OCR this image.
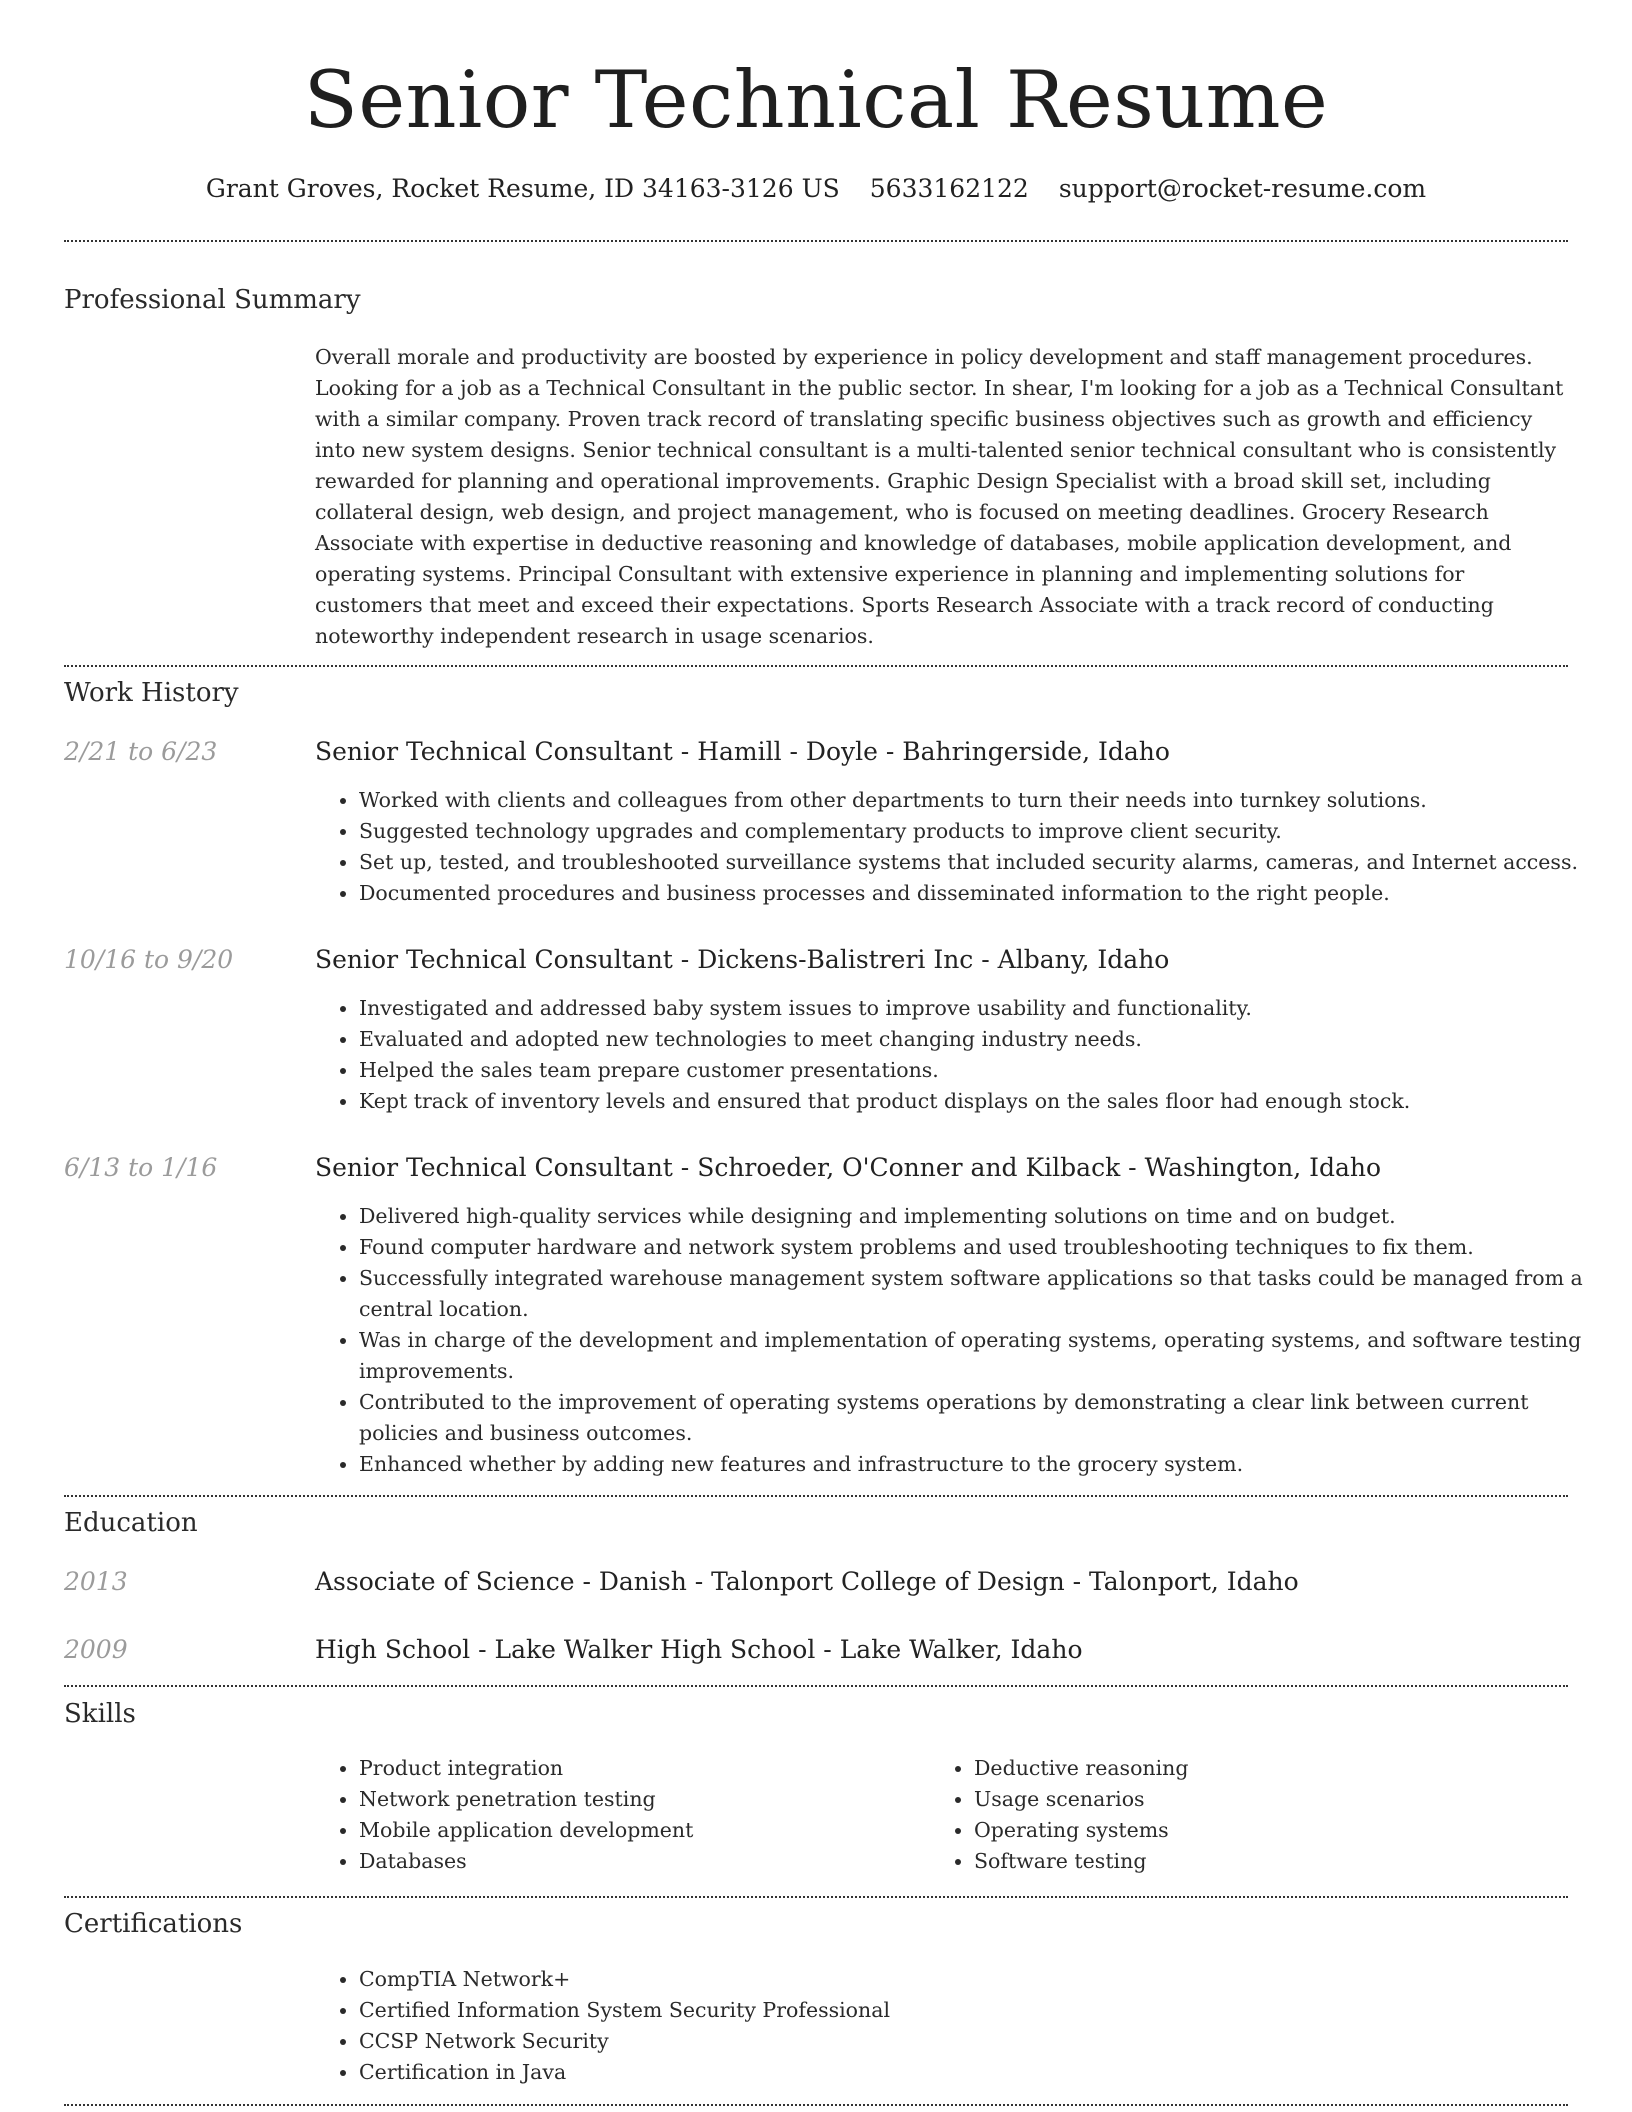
Senior Technical Resume
Grant Groves, Rocket Resume, ID 34163-3126 US 5633162122 support@rocket-resume.com
Professional Summary
Overall morale and productivity are boosted by experience in policy development and staff management procedures. Looking for a job as a Technical Consultant in the public sector. In shear, I'm looking for a job as a Technical Consultant with a similar company. Proven track record of translating specific business objectives such as growth and efficiency into new system designs. Senior technical consultant is a multi-talented senior technical consultant who is consistently rewarded for planning and operational improvements. Graphic Design Specialist with a broad skill set, including collateral design, web design, and project management, who is focused on meeting deadlines. Grocery Research Associate with expertise in deductive reasoning and knowledge of databases, mobile application development, and operating systems. Principal Consultant with extensive experience in planning and implementing solutions for customers that meet and exceed their expectations. Sports Research Associate with a track record of conducting noteworthy independent research in usage scenarios.
Work History
2/21 to 6/23	Senior Technical Consultant - Hamill - Doyle - Bahringerside, Idaho
• Worked with clients and colleagues from other departments to turn their needs into turnkey solutions.
• Suggested technology upgrades and complementary products to improve client security.
• Set up, tested, and troubleshooted surveillance systems that included security alarms, cameras, and Internet access.
• Documented procedures and business processes and disseminated information to the right people.
10/16 to 9/20	Senior Technical Consultant - Dickens-Balistreri Inc - Albany, Idaho
• Investigated and addressed baby system issues to improve usability and functionality.
• Evaluated and adopted new technologies to meet changing industry needs.
• Helped the sales team prepare customer presentations.
• Kept track of inventory levels and ensured that product displays on the sales floor had enough stock.
6/13 to 1/16	Senior Technical Consultant - Schroeder, O'Conner and Kilback - Washington, Idaho
• Delivered high-quality services while designing and implementing solutions on time and on budget.
• Found computer hardware and network system problems and used troubleshooting techniques to fix them.
• Successfully integrated warehouse management system software applications so that tasks could be managed from a central location.
• Was in charge of the development and implementation of operating systems, operating systems, and software testing improvements.
• Contributed to the improvement of operating systems operations by demonstrating a clear link between current policies and business outcomes.
• Enhanced whether by adding new features and infrastructure to the grocery system.
Education
2013	Associate of Science - Danish - Talonport College of Design - Talonport, Idaho
2009	High School - Lake Walker High School - Lake Walker, Idaho
Skills
• Product integration
• Network penetration testing
• Mobile application development
• Databases
• Deductive reasoning
• Usage scenarios
• Operating systems
• Software testing
Certifications
• CompTIA Network+
• Certified Information System Security Professional
• CCSP Network Security
• Certification in Java
